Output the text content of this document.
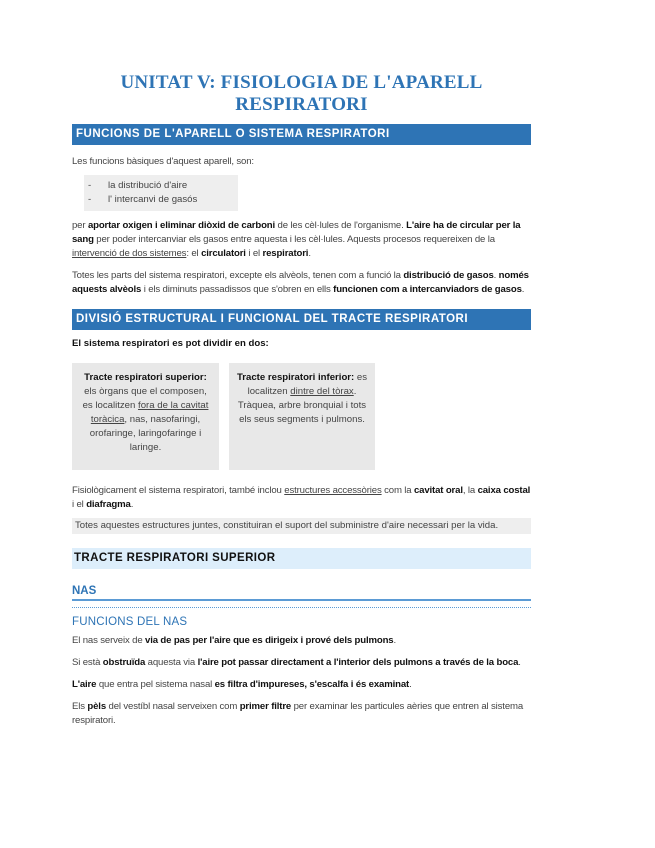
UNITAT V: FISIOLOGIA DE L'APARELL
RESPIRATORI
FUNCIONS DE L'APARELL O SISTEMA RESPIRATORI

Les funcions bàsiques d'aquest aparell, son:

- la distribució d'aire
- l' intercanvi de gasós

per aportar oxigen i eliminar diòxid de carboni de les cèl·lules de l'organisme. L'aire ha de circular per la sang per poder intercanviar els gasos entre aquesta i les cèl·lules. Aquests procesos requereixen de la intervenció de dos sistemes: el circulatori i el respiratori.

Totes les parts del sistema respiratori, excepte els alvèols, tenen com a funció la distribució de gasos. només aquests alvèols i els diminuts passadissos que s'obren en ells funcionen com a intercanviadors de gasos.

DIVISIÓ ESTRUCTURAL I FUNCIONAL DEL TRACTE RESPIRATORI
El sistema respiratori es pot dividir en dos:
Tracte respiratori superior: els òrgans que el composen, es localitzen fora de la cavitat toràcica, nas, nasofaringi, orofaringe, laringofaringe i laringe.
Tracte respiratori inferior: es localitzen dintre del tòrax. Tràquea, arbre bronquial i tots els seus segments i pulmons.

Fisiològicament el sistema respiratori, també inclou estructures accessòries com la cavitat oral, la caixa costal i el diafragma.

Totes aquestes estructures juntes, constituiran el suport del subministre d'aire necessari per la vida.
TRACTE RESPIRATORI SUPERIOR
NAS
FUNCIONS DEL NAS

El nas serveix de via de pas per l'aire que es dirigeix i prové dels pulmons.

Si està obstruïda aquesta via l'aire pot passar directament a l'interior dels pulmons a través de la boca.

L'aire que entra pel sistema nasal es filtra d'impureses, s'escalfa i és examinat.

Els pèls del vestíbl nasal serveixen com primer filtre per examinar les particules aèries que entren al sistema respiratori.
